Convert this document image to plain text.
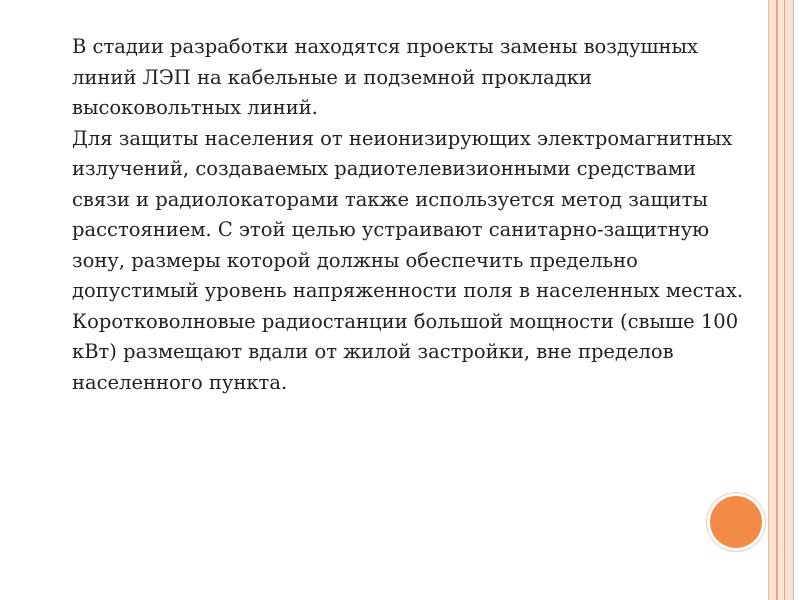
В стадии разработки находятся проекты замены воздушных линий ЛЭП на кабельные и подземной прокладки высоковольтных линий.

Для защиты населения от неионизирующих электромагнитных излучений, создаваемых радиотелевизионными средствами связи и радиолокаторами также используется метод защиты расстоянием. С этой целью устраивают санитарно-защитную зону, размеры которой должны обеспечить предельно допустимый уровень напряженности поля в населенных местах. Коротковолновые радиостанции большой мощности (свыше 100 кВт) размещают вдали от жилой застройки, вне пределов населенного пункта.
